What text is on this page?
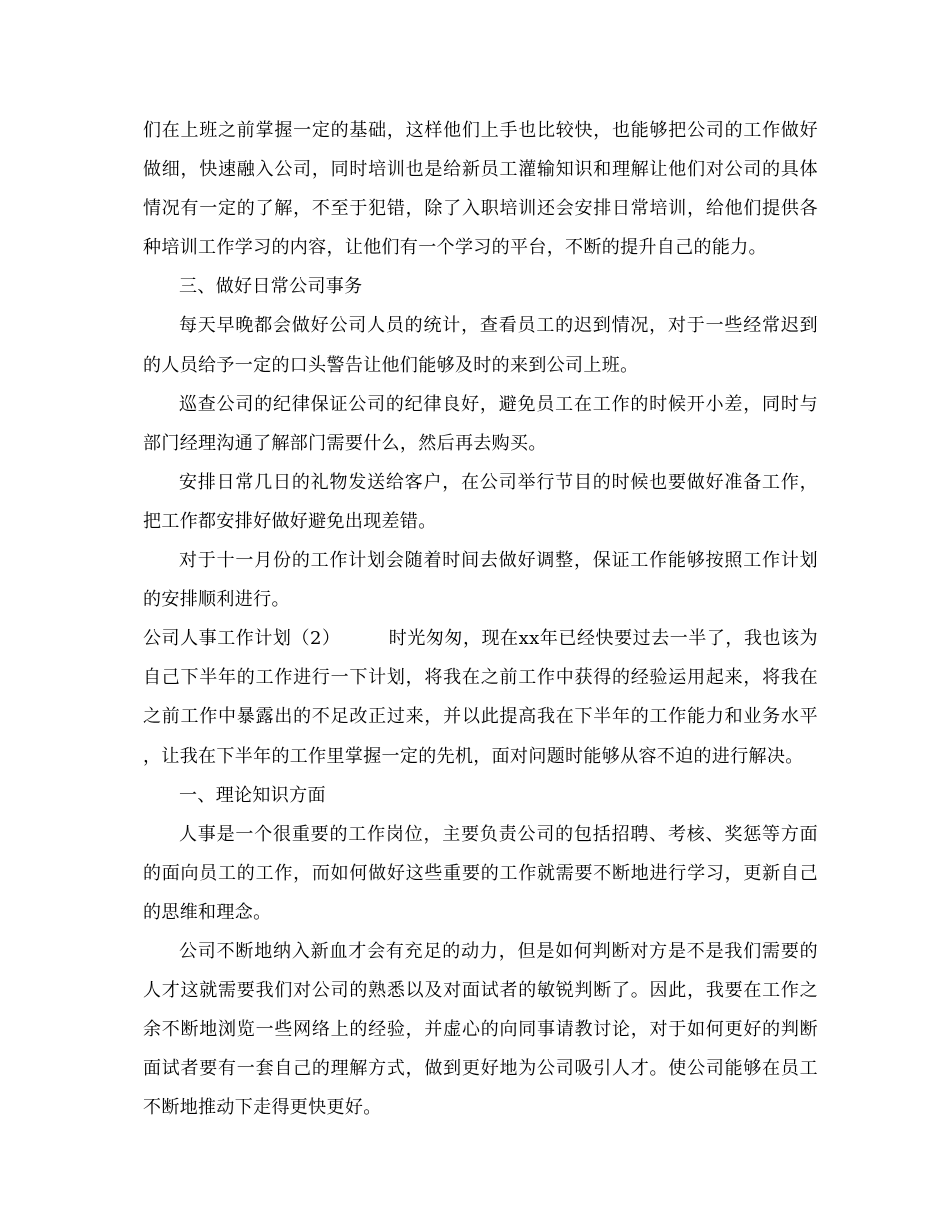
们在上班之前掌握一定的基础，这样他们上手也比较快，也能够把公司的工作做好做细，快速融入公司，同时培训也是给新员工灌输知识和理解让他们对公司的具体情况有一定的了解，不至于犯错，除了入职培训还会安排日常培训，给他们提供各种培训工作学习的内容，让他们有一个学习的平台，不断的提升自己的能力。

三、做好日常公司事务

每天早晚都会做好公司人员的统计，查看员工的迟到情况，对于一些经常迟到的人员给予一定的口头警告让他们能够及时的来到公司上班。

巡查公司的纪律保证公司的纪律良好，避免员工在工作的时候开小差，同时与部门经理沟通了解部门需要什么，然后再去购买。

安排日常几日的礼物发送给客户，在公司举行节目的时候也要做好准备工作，把工作都安排好做好避免出现差错。

对于十一月份的工作计划会随着时间去做好调整，保证工作能够按照工作计划的安排顺利进行。

公司人事工作计划（2）	时光匆匆，现在xx年已经快要过去一半了，我也该为自己下半年的工作进行一下计划，将我在之前工作中获得的经验运用起来，将我在之前工作中暴露出的不足改正过来，并以此提高我在下半年的工作能力和业务水平，让我在下半年的工作里掌握一定的先机，面对问题时能够从容不迫的进行解决。

一、理论知识方面

人事是一个很重要的工作岗位，主要负责公司的包括招聘、考核、奖惩等方面的面向员工的工作，而如何做好这些重要的工作就需要不断地进行学习，更新自己的思维和理念。

公司不断地纳入新血才会有充足的动力，但是如何判断对方是不是我们需要的人才这就需要我们对公司的熟悉以及对面试者的敏锐判断了。因此，我要在工作之余不断地浏览一些网络上的经验，并虚心的向同事请教讨论，对于如何更好的判断面试者要有一套自己的理解方式，做到更好地为公司吸引人才。使公司能够在员工不断地推动下走得更快更好。
